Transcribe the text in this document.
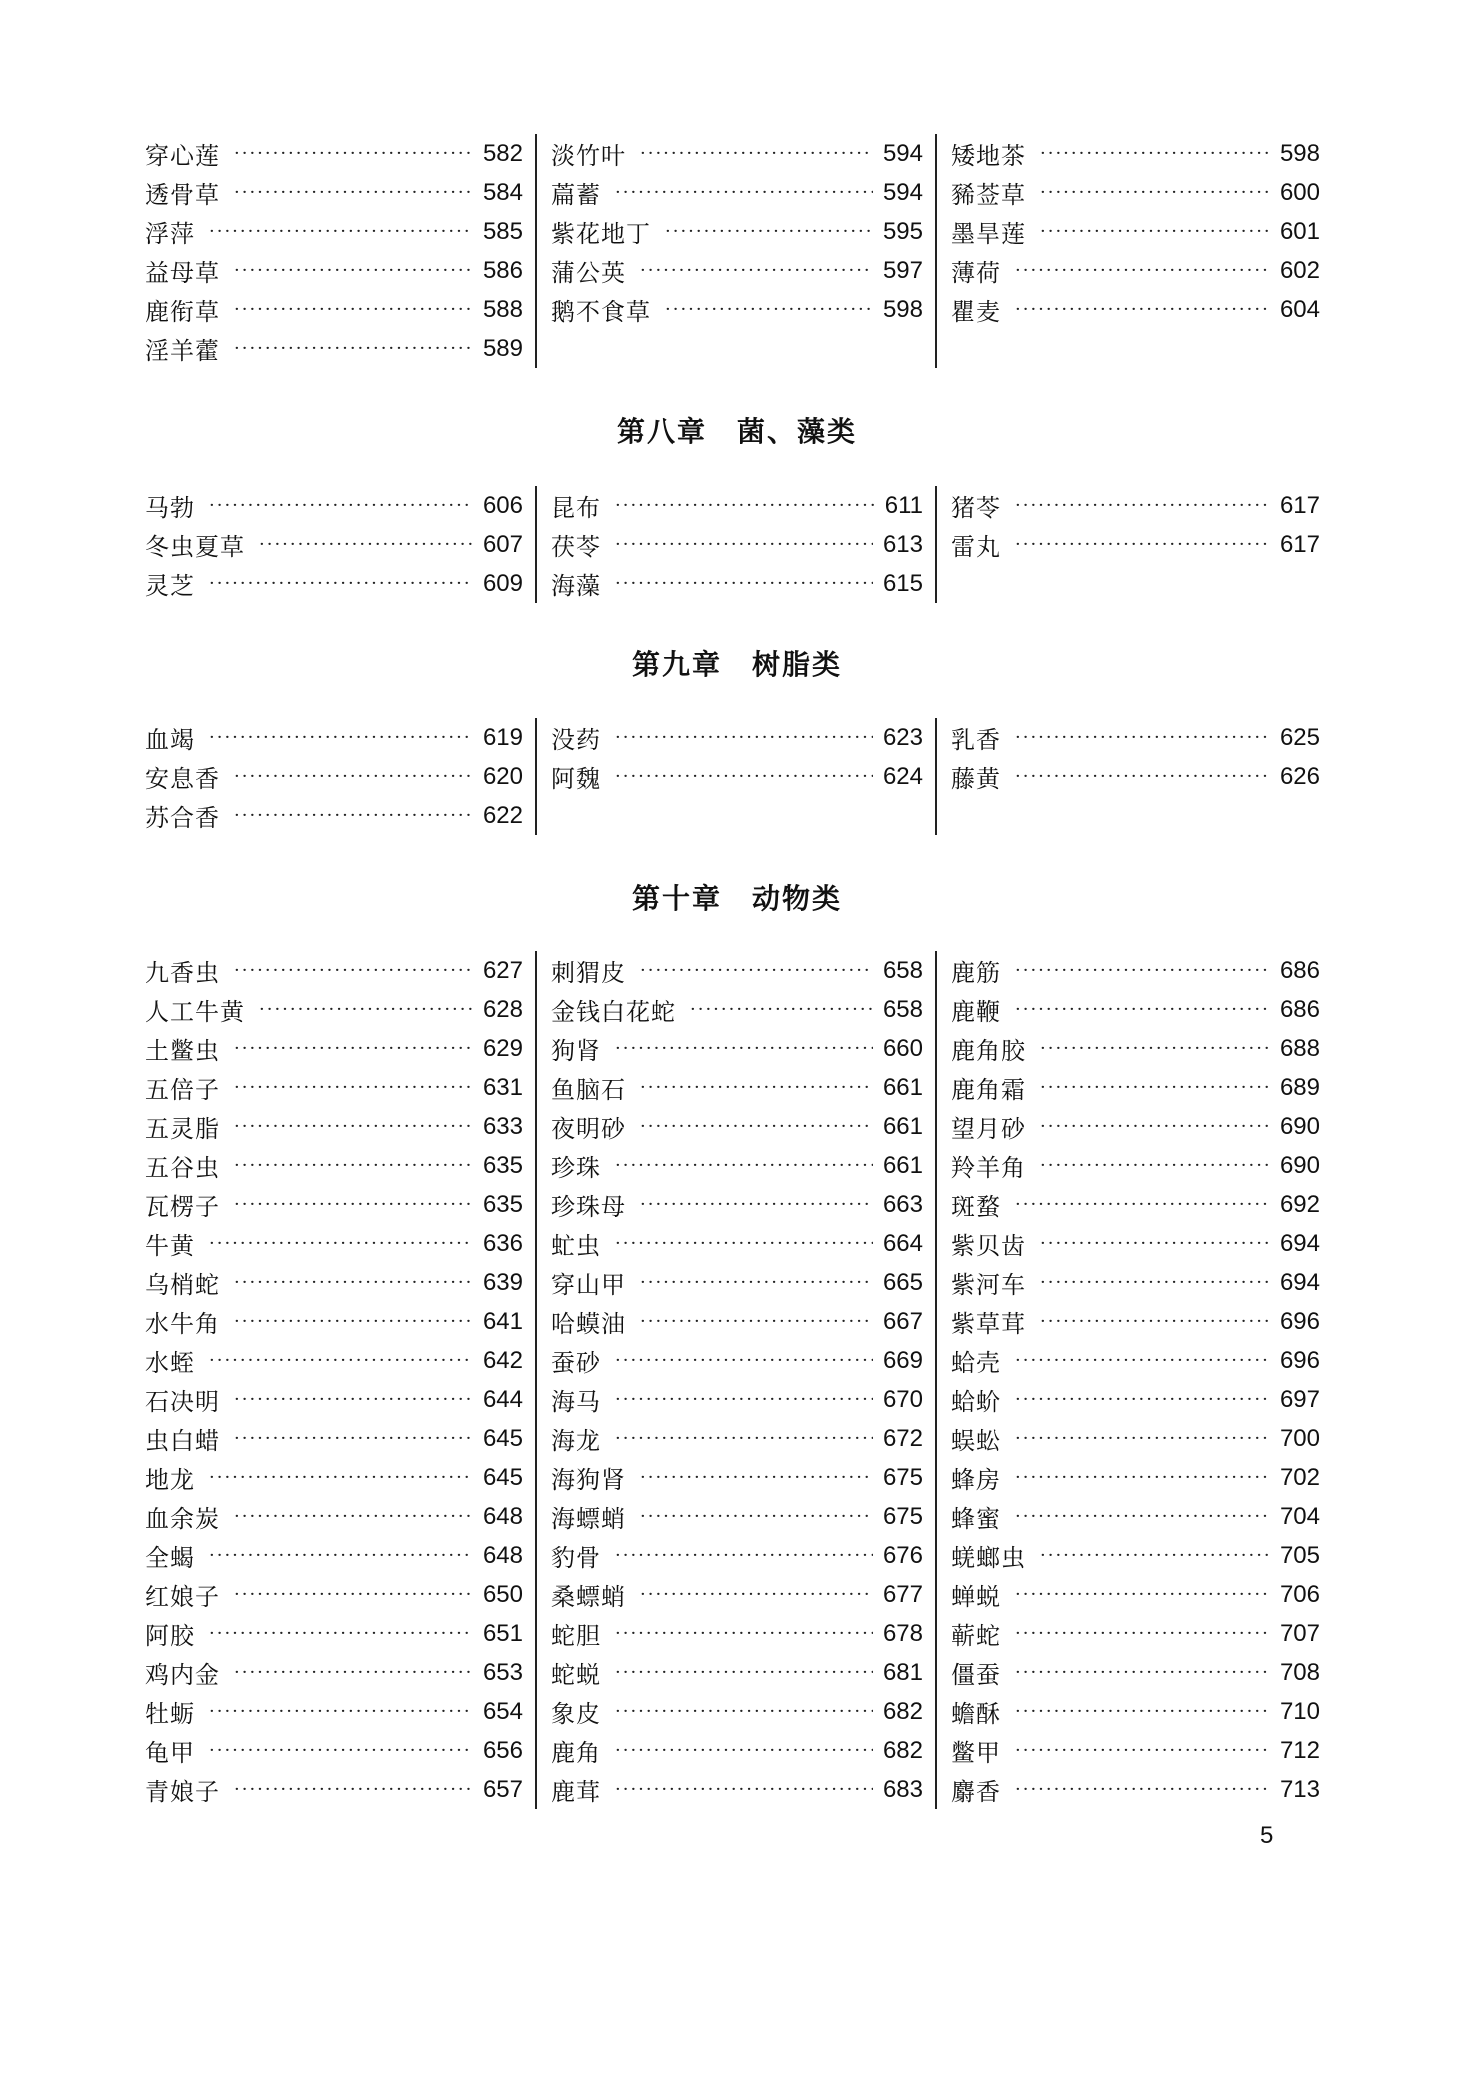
穿心莲 ·····	582
透骨草 ·····	584
浮萍 ·····	585
益母草 ·····	586
鹿衔草 ·····	588
淫羊藿 ·····	589
淡竹叶 ·····	594
萹蓄 ·····	594
紫花地丁 ·····	595
蒲公英 ·····	597
鹅不食草 ·····	598
矮地茶 ·····	598
豨莶草 ·····	600
墨旱莲 ·····	601
薄荷 ·····	602
瞿麦 ·····	604
第八章　菌、藻类
马勃 ·····	606
冬虫夏草 ·····	607
灵芝 ·····	609
昆布 ·····	611
茯苓 ·····	613
海藻 ·····	615
猪苓 ·····	617
雷丸 ·····	617
第九章　树脂类
血竭 ·····	619
安息香 ·····	620
苏合香 ·····	622
没药 ·····	623
阿魏 ·····	624
乳香 ·····	625
藤黄 ·····	626
第十章　动物类
九香虫 ·····	627
人工牛黄 ·····	628
土鳖虫 ·····	629
五倍子 ·····	631
五灵脂 ·····	633
五谷虫 ·····	635
瓦楞子 ·····	635
牛黄 ·····	636
乌梢蛇 ·····	639
水牛角 ·····	641
水蛭 ·····	642
石决明 ·····	644
虫白蜡 ·····	645
地龙 ·····	645
血余炭 ·····	648
全蝎 ·····	648
红娘子 ·····	650
阿胶 ·····	651
鸡内金 ·····	653
牡蛎 ·····	654
龟甲 ·····	656
青娘子 ·····	657
刺猬皮 ·····	658
金钱白花蛇 ·····	658
狗肾 ·····	660
鱼脑石 ·····	661
夜明砂 ·····	661
珍珠 ·····	661
珍珠母 ·····	663
虻虫 ·····	664
穿山甲 ·····	665
哈蟆油 ·····	667
蚕砂 ·····	669
海马 ·····	670
海龙 ·····	672
海狗肾 ·····	675
海螵蛸 ·····	675
豹骨 ·····	676
桑螵蛸 ·····	677
蛇胆 ·····	678
蛇蜕 ·····	681
象皮 ·····	682
鹿角 ·····	682
鹿茸 ·····	683
鹿筋 ·····	686
鹿鞭 ·····	686
鹿角胶 ·····	688
鹿角霜 ·····	689
望月砂 ·····	690
羚羊角 ·····	690
斑蝥 ·····	692
紫贝齿 ·····	694
紫河车 ·····	694
紫草茸 ·····	696
蛤壳 ·····	696
蛤蚧 ·····	697
蜈蚣 ·····	700
蜂房 ·····	702
蜂蜜 ·····	704
蜣螂虫 ·····	705
蝉蜕 ·····	706
蕲蛇 ·····	707
僵蚕 ·····	708
蟾酥 ·····	710
鳖甲 ·····	712
麝香 ·····	713
5
